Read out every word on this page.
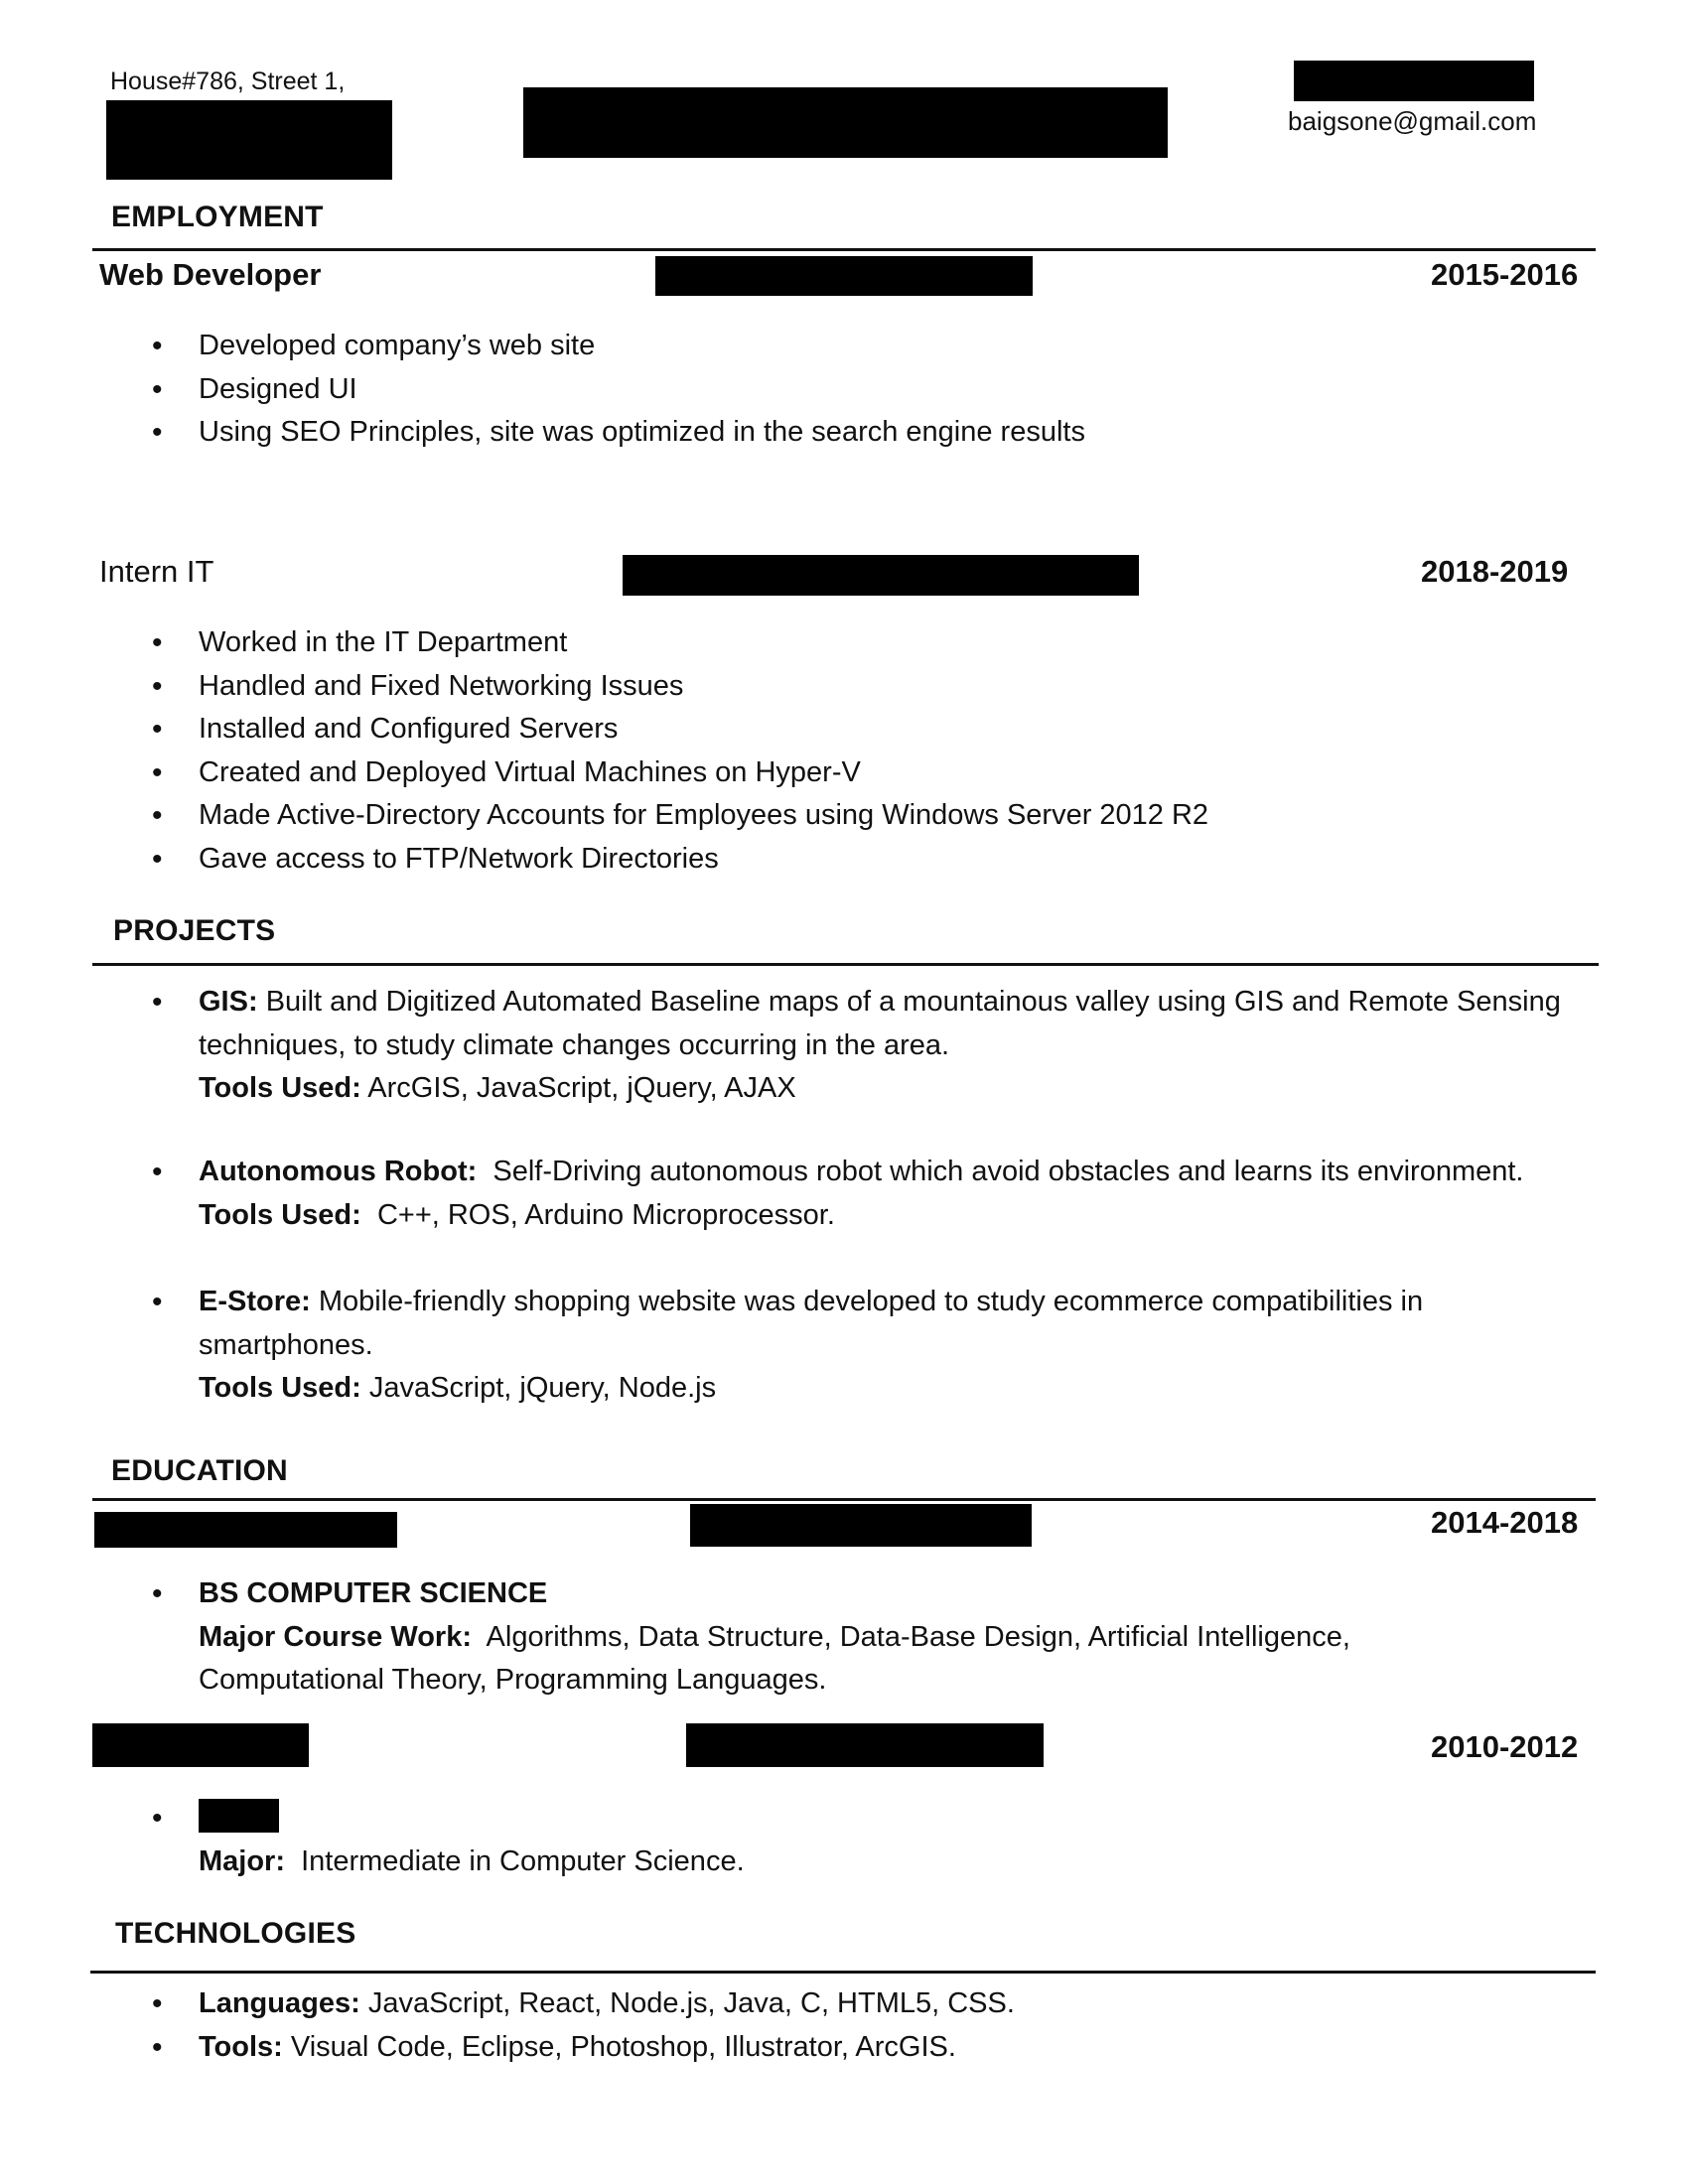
House#786, Street 1,
baigsone@gmail.com
EMPLOYMENT
Web Developer	2015-2016
• Developed company’s web site
• Designed UI
• Using SEO Principles, site was optimized in the search engine results
Intern IT	2018-2019
• Worked in the IT Department
• Handled and Fixed Networking Issues
• Installed and Configured Servers
• Created and Deployed Virtual Machines on Hyper-V
• Made Active-Directory Accounts for Employees using Windows Server 2012 R2
• Gave access to FTP/Network Directories
PROJECTS
• GIS: Built and Digitized Automated Baseline maps of a mountainous valley using GIS and Remote Sensing techniques, to study climate changes occurring in the area.
Tools Used: ArcGIS, JavaScript, jQuery, AJAX
• Autonomous Robot: Self-Driving autonomous robot which avoid obstacles and learns its environment.
Tools Used: C++, ROS, Arduino Microprocessor.
• E-Store: Mobile-friendly shopping website was developed to study ecommerce compatibilities in smartphones.
Tools Used: JavaScript, jQuery, Node.js
EDUCATION
2014-2018
• BS COMPUTER SCIENCE
Major Course Work: Algorithms, Data Structure, Data-Base Design, Artificial Intelligence, Computational Theory, Programming Languages.
2010-2012
• Major: Intermediate in Computer Science.
TECHNOLOGIES
• Languages: JavaScript, React, Node.js, Java, C, HTML5, CSS.
• Tools: Visual Code, Eclipse, Photoshop, Illustrator, ArcGIS.
